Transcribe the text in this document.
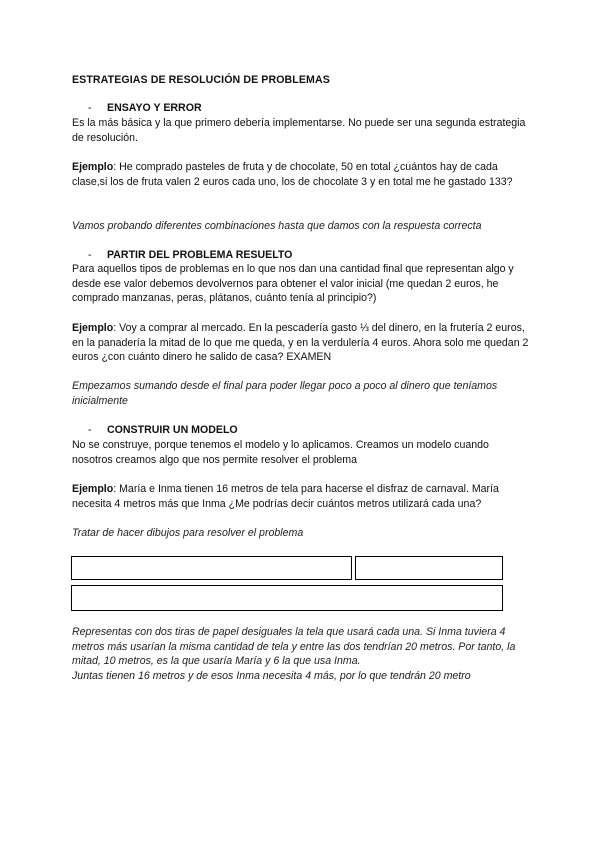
ESTRATEGIAS DE RESOLUCIÓN DE PROBLEMAS

- ENSAYO Y ERROR

Es la más básica y la que primero debería implementarse. No puede ser una segunda estrategia de resolución.

Ejemplo: He comprado pasteles de fruta y de chocolate, 50 en total ¿cuántos hay de cada clase,si los de fruta valen 2 euros cada uno, los de chocolate 3 y en total me he gastado 133?

Vamos probando diferentes combinaciones hasta que damos con la respuesta correcta

- PARTIR DEL PROBLEMA RESUELTO

Para aquellos tipos de problemas en lo que nos dan una cantidad final que representan algo y desde ese valor debemos devolvernos para obtener el valor inicial (me quedan 2 euros, he comprado manzanas, peras, plátanos, cuánto tenía al principio?)

Ejemplo: Voy a comprar al mercado. En la pescadería gasto ⅓ del dinero, en la frutería 2 euros, en la panadería la mitad de lo que me queda, y en la verdulería 4 euros. Ahora solo me quedan 2 euros ¿con cuánto dinero he salido de casa? EXAMEN

Empezamos sumando desde el final para poder llegar poco a poco al dinero que teníamos inicialmente

- CONSTRUIR UN MODELO

No se construye, porque tenemos el modelo y lo aplicamos. Creamos un modelo cuando nosotros creamos algo que nos permite resolver el problema

Ejemplo: María e Inma tienen 16 metros de tela para hacerse el disfraz de carnaval. María necesita 4 metros más que Inma ¿Me podrías decir cuántos metros utilizará cada una?

Tratar de hacer dibujos para resolver el problema

Representas con dos tiras de papel desiguales la tela que usará cada una. Si Inma tuviera 4 metros más usarían la misma cantidad de tela y entre las dos tendrían 20 metros. Por tanto, la mitad, 10 metros, es la que usaría María y 6 la que usa Inma.

Juntas tienen 16 metros y de esos Inma necesita 4 más, por lo que tendrán 20 metro
